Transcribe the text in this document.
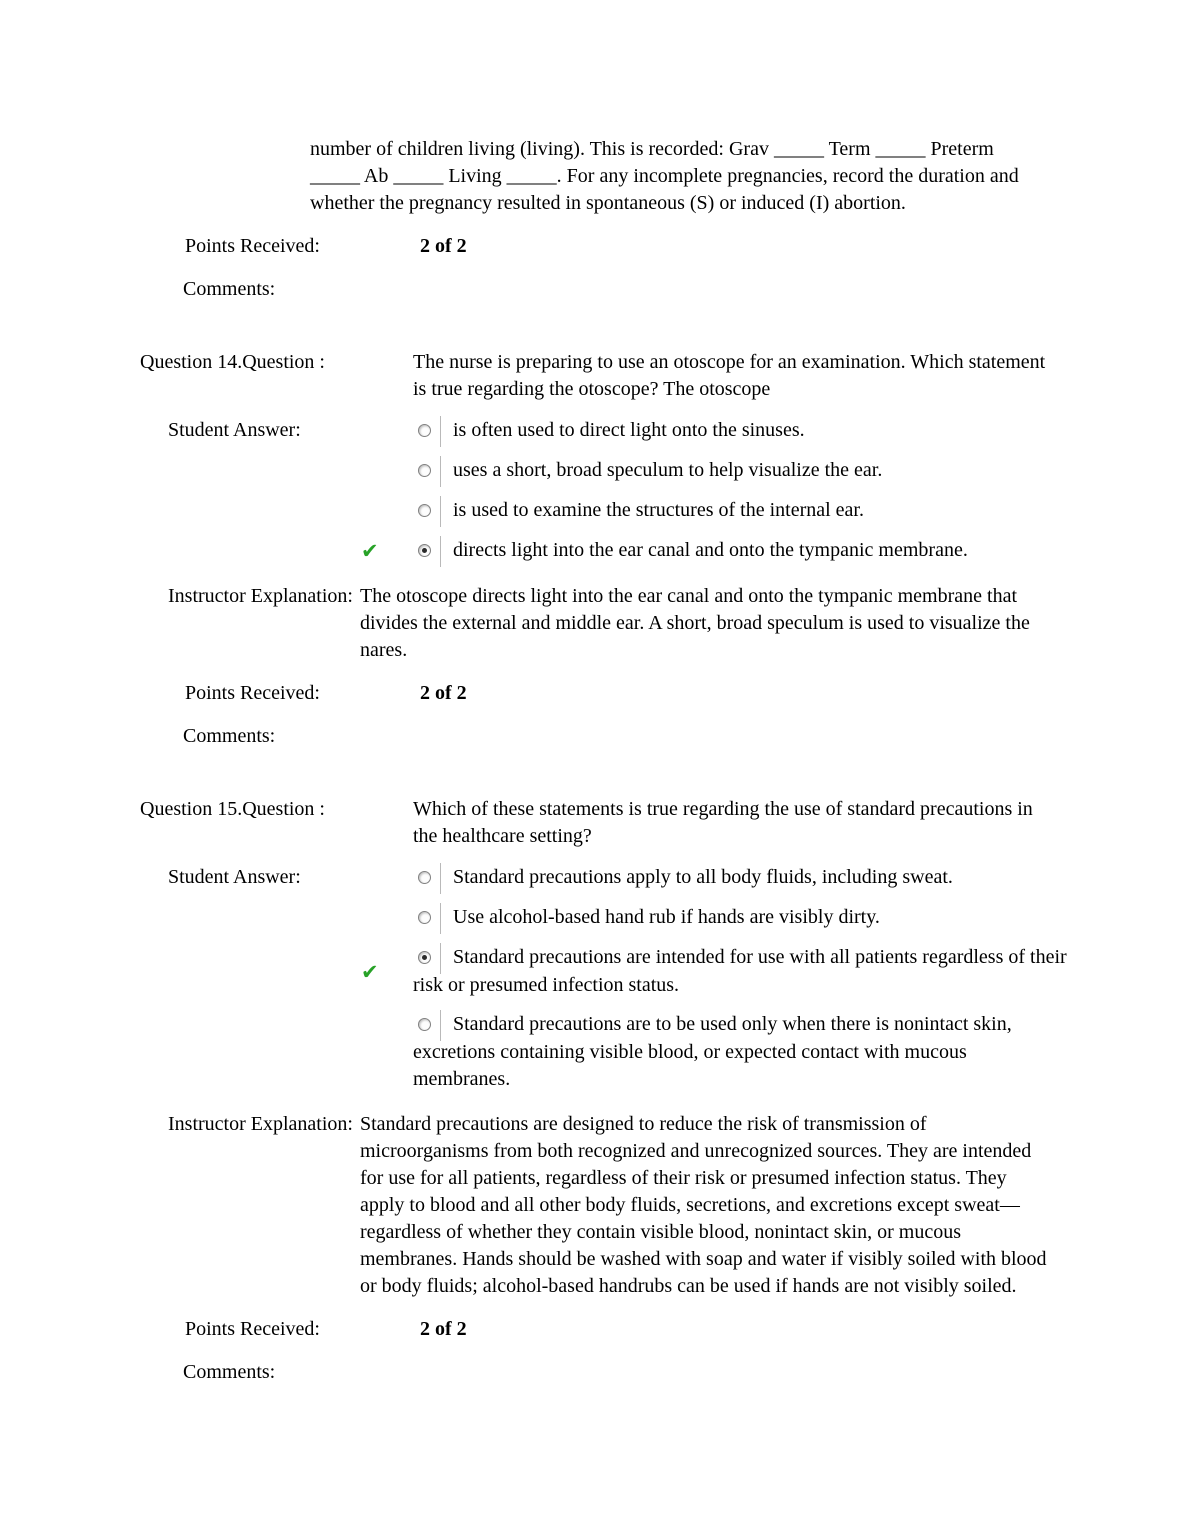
number of children living (living). This is recorded: Grav _____ Term _____ Preterm _____ Ab _____ Living _____. For any incomplete pregnancies, record the duration and whether the pregnancy resulted in spontaneous (S) or induced (I) abortion.
Points Received:	2 of 2
Comments:
Question 14.Question :	The nurse is preparing to use an otoscope for an examination. Which statement is true regarding the otoscope? The otoscope
Student Answer:	is often used to direct light onto the sinuses.
uses a short, broad speculum to help visualize the ear.
is used to examine the structures of the internal ear.
✔	directs light into the ear canal and onto the tympanic membrane.
Instructor Explanation: The otoscope directs light into the ear canal and onto the tympanic membrane that divides the external and middle ear. A short, broad speculum is used to visualize the nares.
Points Received:	2 of 2
Comments:
Question 15.Question :	Which of these statements is true regarding the use of standard precautions in the healthcare setting?
Student Answer:	Standard precautions apply to all body fluids, including sweat.
Use alcohol-based hand rub if hands are visibly dirty.
✔
Standard precautions are intended for use with all patients regardless of their risk or presumed infection status.
Standard precautions are to be used only when there is nonintact skin, excretions containing visible blood, or expected contact with mucous membranes.
Instructor Explanation: Standard precautions are designed to reduce the risk of transmission of microorganisms from both recognized and unrecognized sources. They are intended for use for all patients, regardless of their risk or presumed infection status. They apply to blood and all other body fluids, secretions, and excretions except sweat—regardless of whether they contain visible blood, nonintact skin, or mucous membranes. Hands should be washed with soap and water if visibly soiled with blood or body fluids; alcohol-based handrubs can be used if hands are not visibly soiled.
Points Received:	2 of 2
Comments:
